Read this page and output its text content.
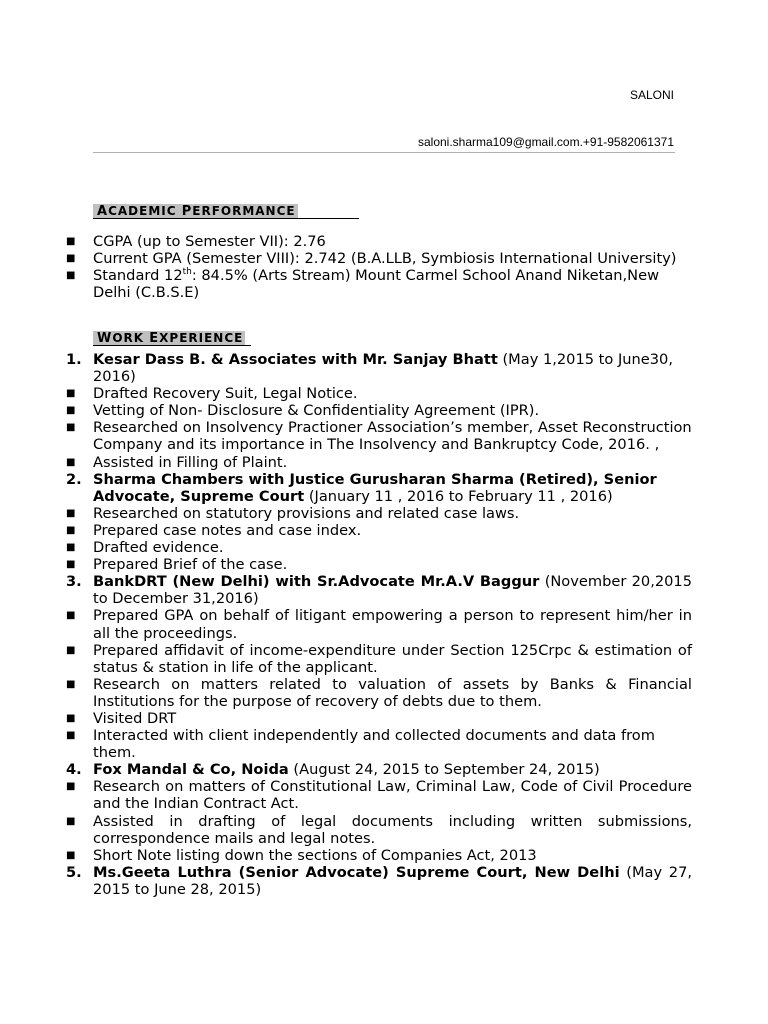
SALONI
saloni.sharma109@gmail.com.+91-9582061371
ACADEMIC PERFORMANCE
■ CGPA (up to Semester VII): 2.76
■ Current GPA (Semester VIII): 2.742 (B.A.LLB, Symbiosis International University)
■ Standard 12th: 84.5% (Arts Stream) Mount Carmel School Anand Niketan,New Delhi (C.B.S.E)
WORK EXPERIENCE
1. Kesar Dass B. & Associates with Mr. Sanjay Bhatt (May 1,2015 to June30, 2016)
■ Drafted Recovery Suit, Legal Notice.
■ Vetting of Non- Disclosure & Confidentiality Agreement (IPR).
■ Researched on Insolvency Practioner Association’s member, Asset Reconstruction Company and its importance in The Insolvency and Bankruptcy Code, 2016. ,
■ Assisted in Filling of Plaint.
2. Sharma Chambers with Justice Gurusharan Sharma (Retired), Senior Advocate, Supreme Court (January 11 , 2016 to February 11 , 2016)
■ Researched on statutory provisions and related case laws.
■ Prepared case notes and case index.
■ Drafted evidence.
■ Prepared Brief of the case.
3. BankDRT (New Delhi) with Sr.Advocate Mr.A.V Baggur (November 20,2015 to December 31,2016)
■ Prepared GPA on behalf of litigant empowering a person to represent him/her in all the proceedings.
■ Prepared affidavit of income-expenditure under Section 125Crpc & estimation of status & station in life of the applicant.
■ Research on matters related to valuation of assets by Banks & Financial Institutions for the purpose of recovery of debts due to them.
■ Visited DRT
■ Interacted with client independently and collected documents and data from them.
4. Fox Mandal & Co, Noida (August 24, 2015 to September 24, 2015)
■ Research on matters of Constitutional Law, Criminal Law, Code of Civil Procedure and the Indian Contract Act.
■ Assisted in drafting of legal documents including written submissions, correspondence mails and legal notes.
■ Short Note listing down the sections of Companies Act, 2013
5. Ms.Geeta Luthra (Senior Advocate) Supreme Court, New Delhi (May 27, 2015 to June 28, 2015)
